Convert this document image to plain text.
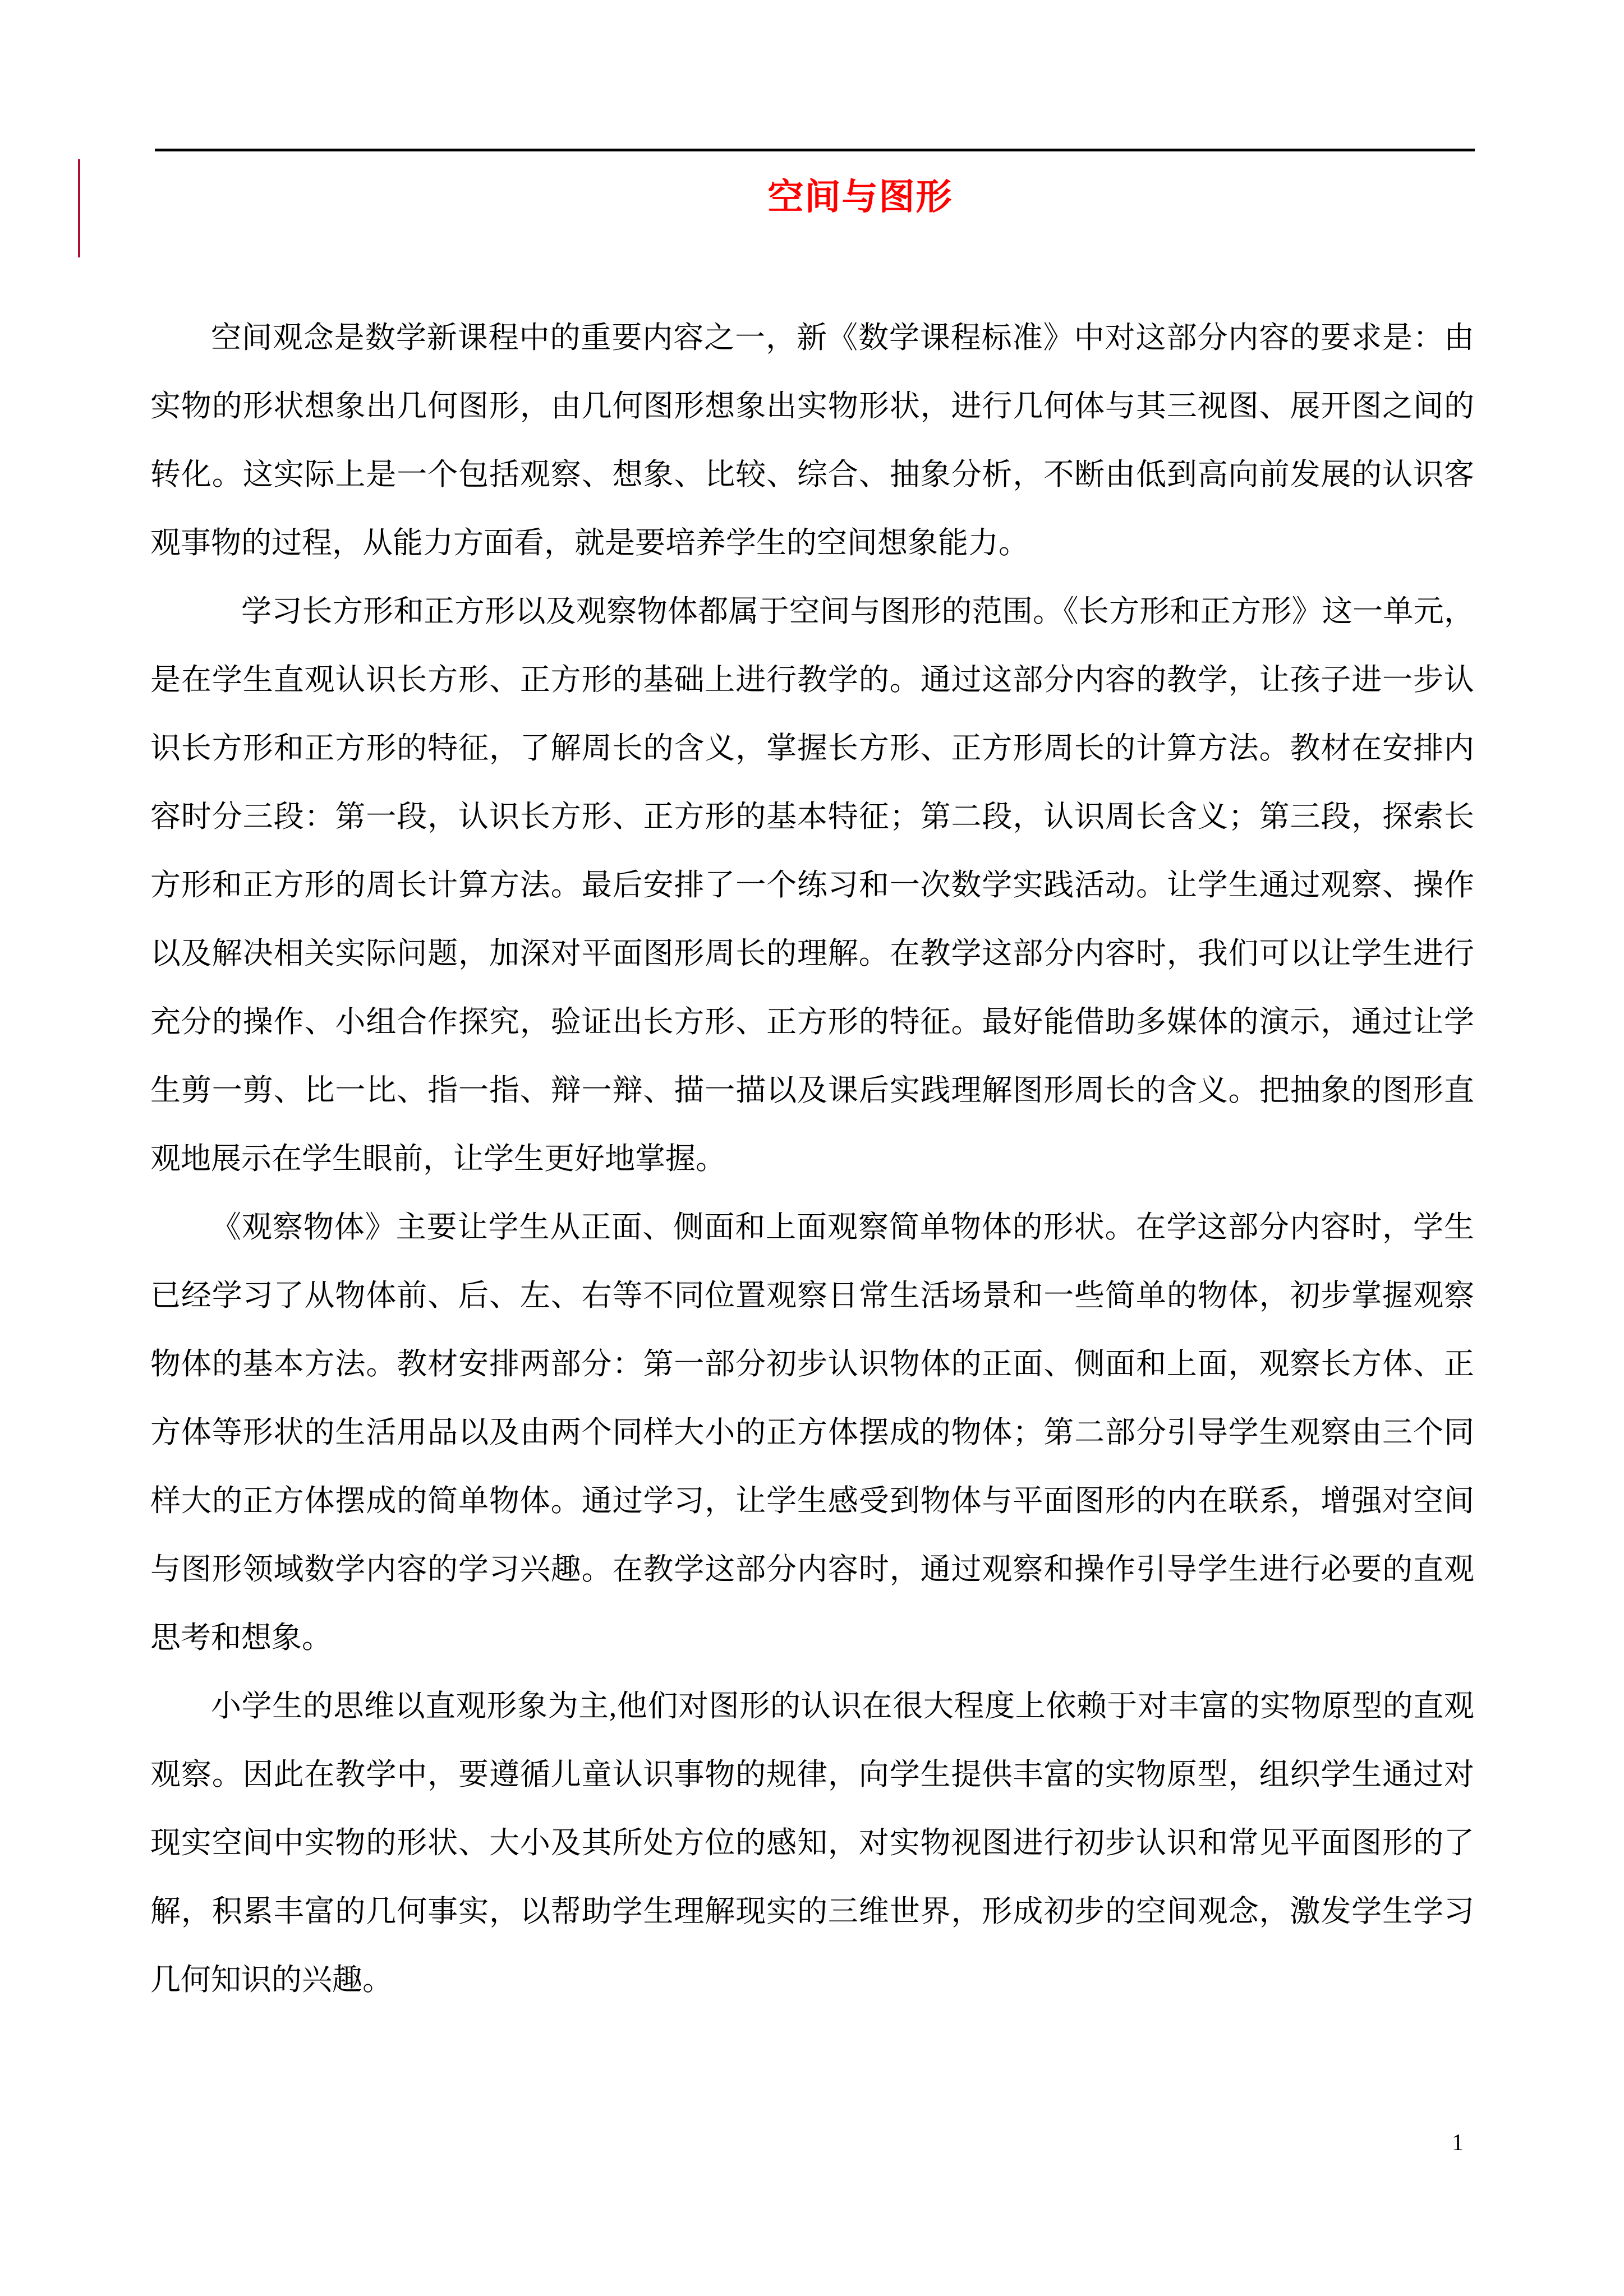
空间与图形

空间观念是数学新课程中的重要内容之一，新《数学课程标准》中对这部分内容的要求是：由实物的形状想象出几何图形，由几何图形想象出实物形状，进行几何体与其三视图、展开图之间的转化。这实际上是一个包括观察、想象、比较、综合、抽象分析，不断由低到高向前发展的认识客观事物的过程，从能力方面看，就是要培养学生的空间想象能力。

学习长方形和正方形以及观察物体都属于空间与图形的范围。《长方形和正方形》这一单元，是在学生直观认识长方形、正方形的基础上进行教学的。通过这部分内容的教学，让孩子进一步认识长方形和正方形的特征，了解周长的含义，掌握长方形、正方形周长的计算方法。教材在安排内容时分三段：第一段，认识长方形、正方形的基本特征；第二段，认识周长含义；第三段，探索长方形和正方形的周长计算方法。最后安排了一个练习和一次数学实践活动。让学生通过观察、操作以及解决相关实际问题，加深对平面图形周长的理解。在教学这部分内容时，我们可以让学生进行充分的操作、小组合作探究，验证出长方形、正方形的特征。最好能借助多媒体的演示，通过让学生剪一剪、比一比、指一指、辩一辩、描一描以及课后实践理解图形周长的含义。把抽象的图形直观地展示在学生眼前，让学生更好地掌握。

《观察物体》主要让学生从正面、侧面和上面观察简单物体的形状。在学这部分内容时，学生已经学习了从物体前、后、左、右等不同位置观察日常生活场景和一些简单的物体，初步掌握观察物体的基本方法。教材安排两部分：第一部分初步认识物体的正面、侧面和上面，观察长方体、正方体等形状的生活用品以及由两个同样大小的正方体摆成的物体；第二部分引导学生观察由三个同样大的正方体摆成的简单物体。通过学习，让学生感受到物体与平面图形的内在联系，增强对空间与图形领域数学内容的学习兴趣。在教学这部分内容时，通过观察和操作引导学生进行必要的直观思考和想象。

小学生的思维以直观形象为主,他们对图形的认识在很大程度上依赖于对丰富的实物原型的直观观察。因此在教学中，要遵循儿童认识事物的规律，向学生提供丰富的实物原型，组织学生通过对现实空间中实物的形状、大小及其所处方位的感知，对实物视图进行初步认识和常见平面图形的了解，积累丰富的几何事实，以帮助学生理解现实的三维世界，形成初步的空间观念，激发学生学习几何知识的兴趣。

1
